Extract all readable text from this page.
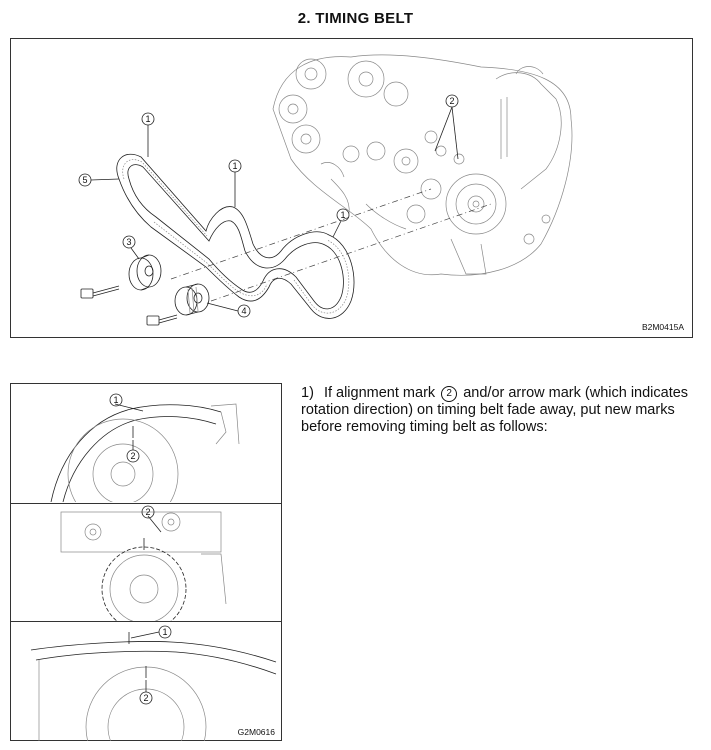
2. TIMING BELT
1
1
1
2
3
4
5
B2M0415A
1
2
2
1
2
G2M0616
1) If alignment mark 2 and/or arrow mark (which indicates rotation direction) on timing belt fade away, put new marks before removing timing belt as follows:
